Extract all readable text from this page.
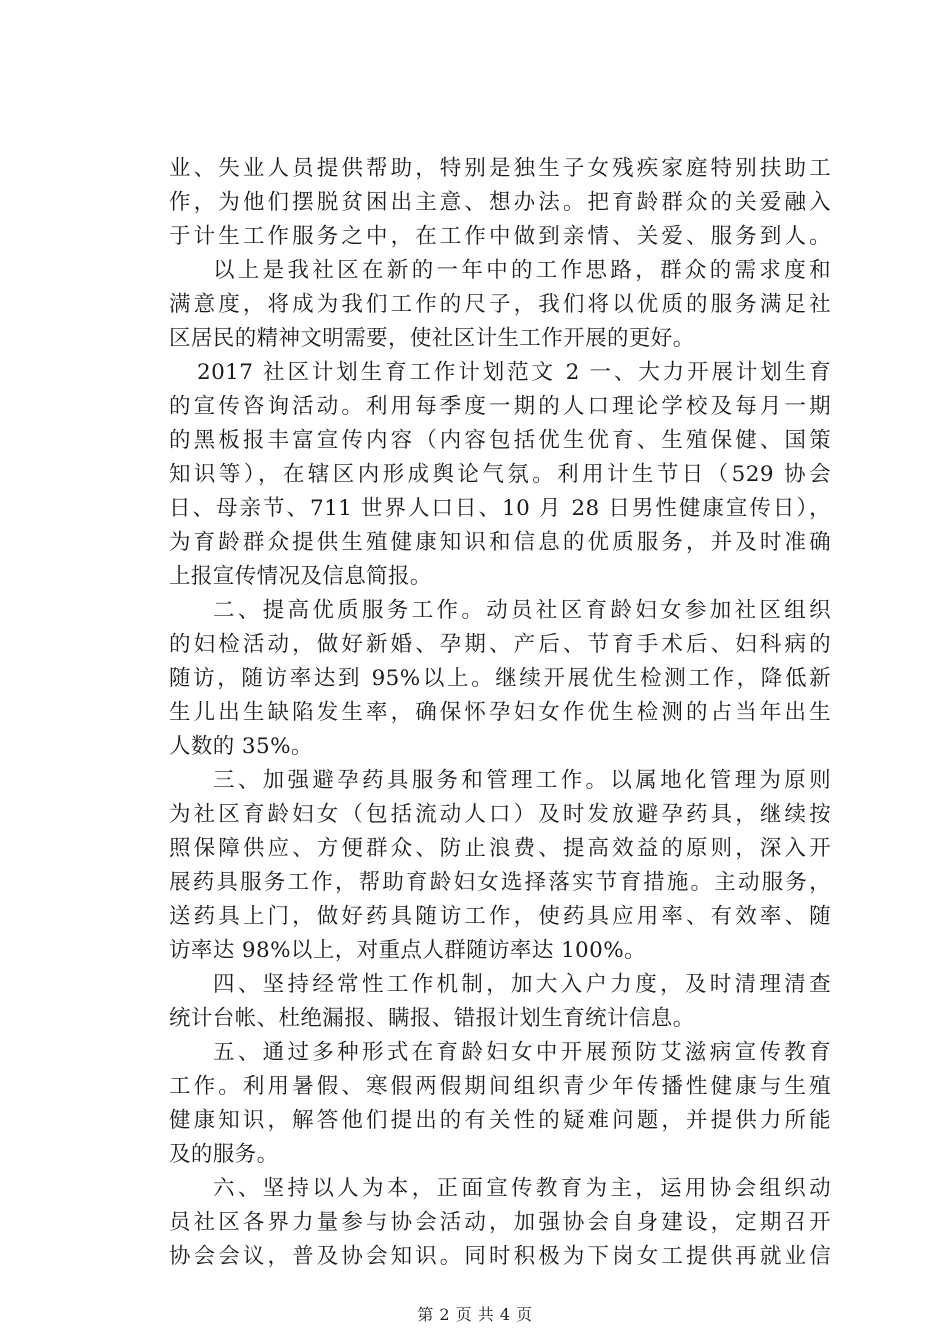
业、失业人员提供帮助，特别是独生子女残疾家庭特别扶助工
作，为他们摆脱贫困出主意、想办法。把育龄群众的关爱融入
于计生工作服务之中，在工作中做到亲情、关爱、服务到人。
以上是我社区在新的一年中的工作思路，群众的需求度和
满意度，将成为我们工作的尺子，我们将以优质的服务满足社
区居民的精神文明需要，使社区计生工作开展的更好。
2017 社区计划生育工作计划范文 2 一、大力开展计划生育
的宣传咨询活动。利用每季度一期的人口理论学校及每月一期
的黑板报丰富宣传内容（内容包括优生优育、生殖保健、国策
知识等），在辖区内形成舆论气氛。利用计生节日（529 协会
日、母亲节、711 世界人口日、10 月 28 日男性健康宣传日），
为育龄群众提供生殖健康知识和信息的优质服务，并及时准确
上报宣传情况及信息简报。
二、提高优质服务工作。动员社区育龄妇女参加社区组织
的妇检活动，做好新婚、孕期、产后、节育手术后、妇科病的
随访，随访率达到 95%以上。继续开展优生检测工作，降低新
生儿出生缺陷发生率，确保怀孕妇女作优生检测的占当年出生
人数的 35%。
三、加强避孕药具服务和管理工作。以属地化管理为原则
为社区育龄妇女（包括流动人口）及时发放避孕药具，继续按
照保障供应、方便群众、防止浪费、提高效益的原则，深入开
展药具服务工作，帮助育龄妇女选择落实节育措施。主动服务，
送药具上门，做好药具随访工作，使药具应用率、有效率、随
访率达 98%以上，对重点人群随访率达 100%。
四、坚持经常性工作机制，加大入户力度，及时清理清查
统计台帐、杜绝漏报、瞒报、错报计划生育统计信息。
五、通过多种形式在育龄妇女中开展预防艾滋病宣传教育
工作。利用暑假、寒假两假期间组织青少年传播性健康与生殖
健康知识，解答他们提出的有关性的疑难问题，并提供力所能
及的服务。
六、坚持以人为本，正面宣传教育为主，运用协会组织动
员社区各界力量参与协会活动，加强协会自身建设，定期召开
协会会议，普及协会知识。同时积极为下岗女工提供再就业信
第 2 页 共 4 页
